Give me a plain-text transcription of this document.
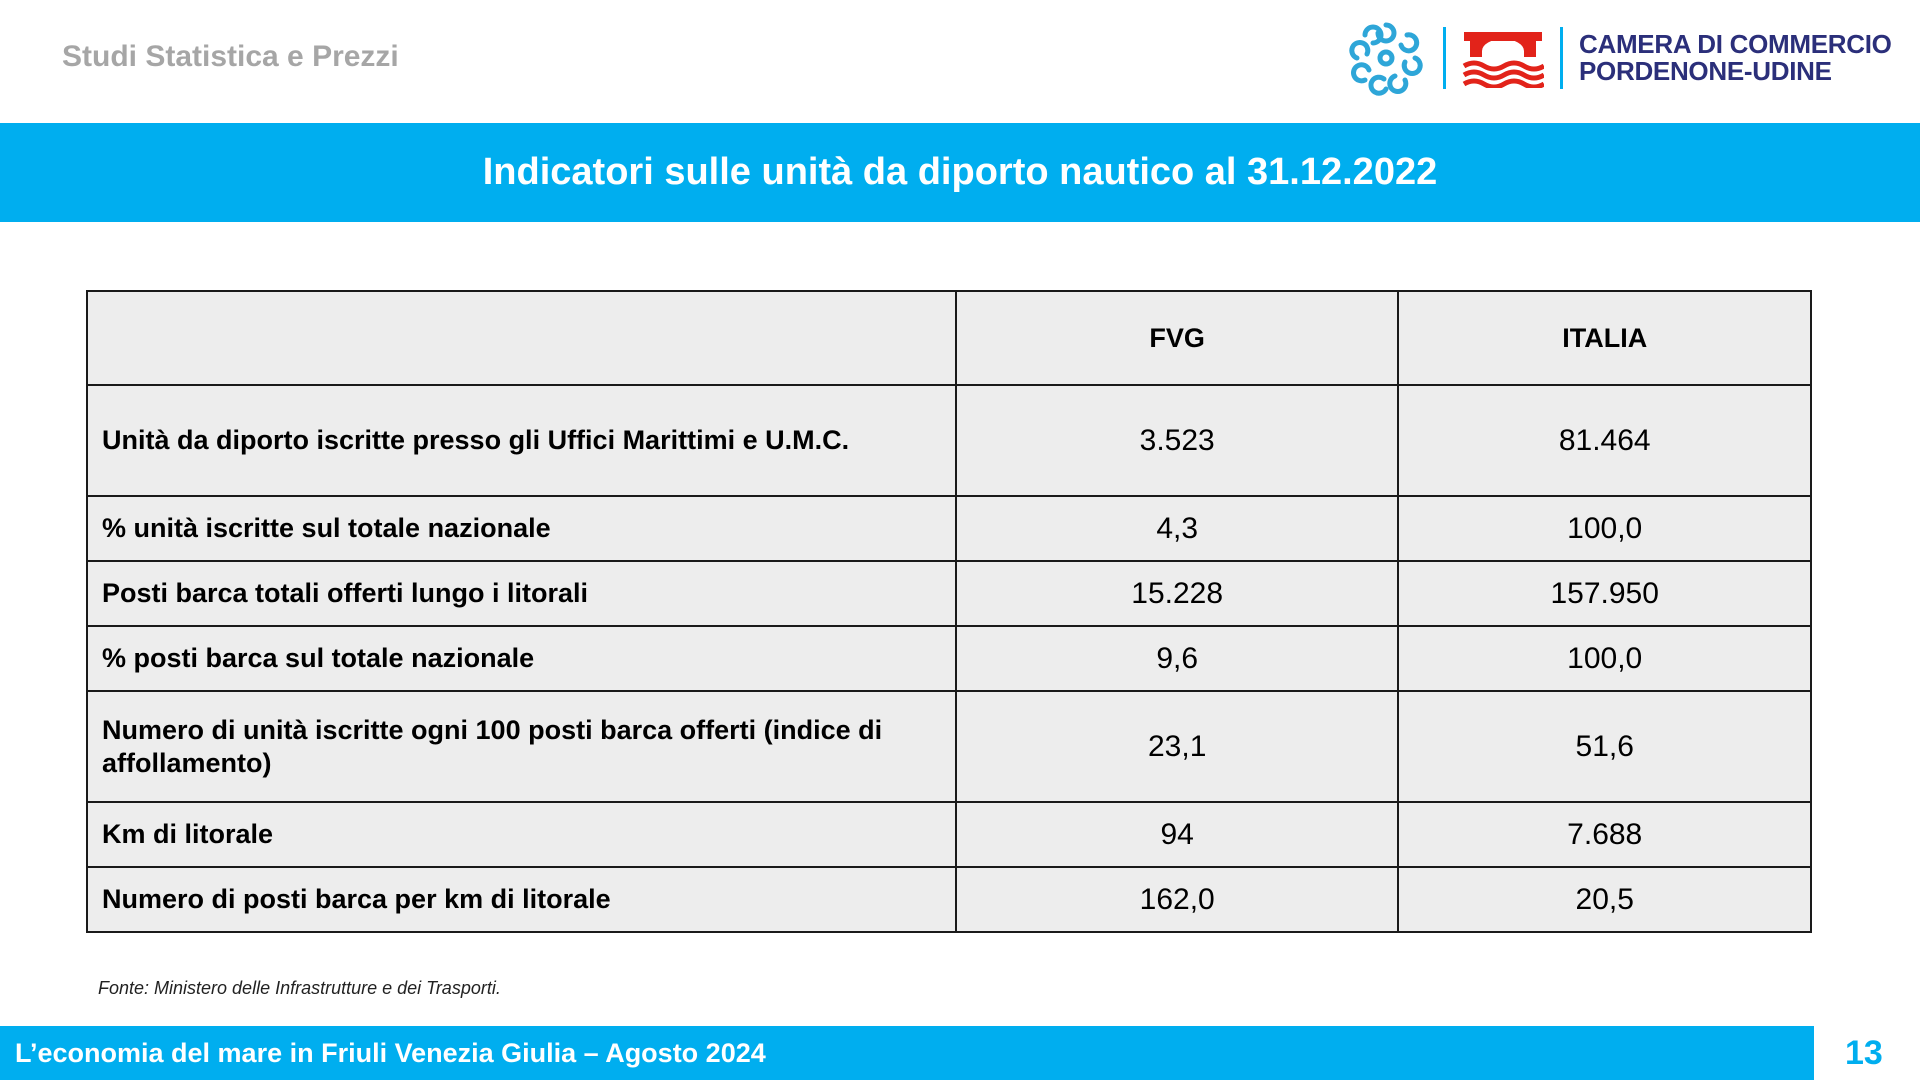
Studi Statistica e Prezzi	CAMERA DI COMMERCIO
PORDENONE-UDINE
Indicatori sulle unità da diporto nautico al 31.12.2022
	FVG	ITALIA
Unità da diporto iscritte presso gli Uffici Marittimi e U.M.C.	3.523	81.464
% unità iscritte sul totale nazionale	4,3	100,0
Posti barca totali offerti lungo i litorali	15.228	157.950
% posti barca sul totale nazionale	9,6	100,0
Numero di unità iscritte ogni 100 posti barca offerti (indice di affollamento)	23,1	51,6
Km di litorale	94	7.688
Numero di posti barca per km di litorale	162,0	20,5
Fonte: Ministero delle Infrastrutture e dei Trasporti.
L’economia del mare in Friuli Venezia Giulia – Agosto 2024	13
